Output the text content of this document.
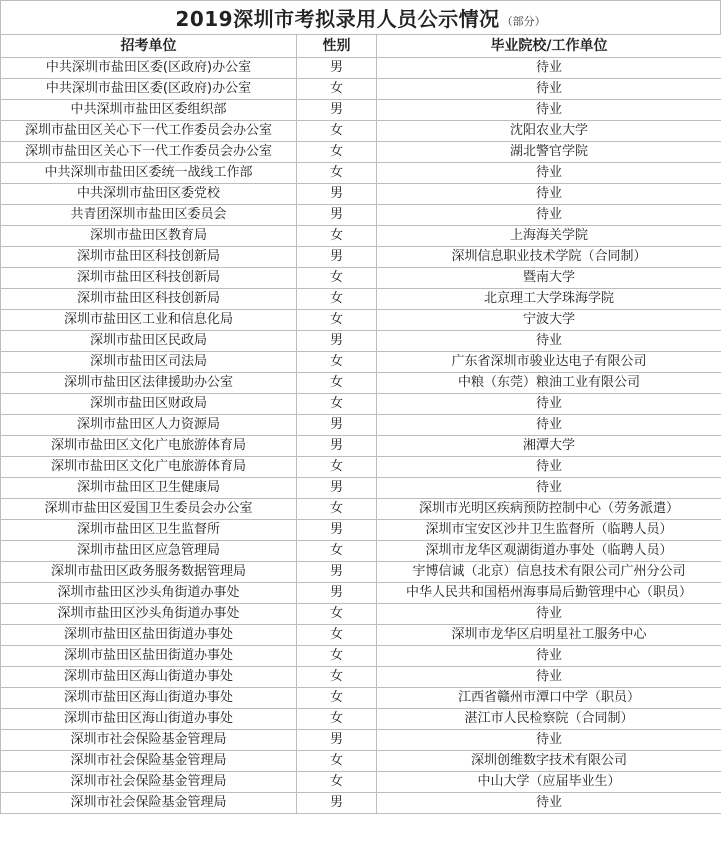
2019深圳市考拟录用人员公示情况 （部分）
招考单位	性别	毕业院校/工作单位
中共深圳市盐田区委(区政府)办公室	男	待业
中共深圳市盐田区委(区政府)办公室	女	待业
中共深圳市盐田区委组织部	男	待业
深圳市盐田区关心下一代工作委员会办公室	女	沈阳农业大学
深圳市盐田区关心下一代工作委员会办公室	女	湖北警官学院
中共深圳市盐田区委统一战线工作部	女	待业
中共深圳市盐田区委党校	男	待业
共青团深圳市盐田区委员会	男	待业
深圳市盐田区教育局	女	上海海关学院
深圳市盐田区科技创新局	男	深圳信息职业技术学院（合同制）
深圳市盐田区科技创新局	女	暨南大学
深圳市盐田区科技创新局	女	北京理工大学珠海学院
深圳市盐田区工业和信息化局	女	宁波大学
深圳市盐田区民政局	男	待业
深圳市盐田区司法局	女	广东省深圳市骏业达电子有限公司
深圳市盐田区法律援助办公室	女	中粮（东莞）粮油工业有限公司
深圳市盐田区财政局	女	待业
深圳市盐田区人力资源局	男	待业
深圳市盐田区文化广电旅游体育局	男	湘潭大学
深圳市盐田区文化广电旅游体育局	女	待业
深圳市盐田区卫生健康局	男	待业
深圳市盐田区爱国卫生委员会办公室	女	深圳市光明区疾病预防控制中心（劳务派遣）
深圳市盐田区卫生监督所	男	深圳市宝安区沙井卫生监督所（临聘人员）
深圳市盐田区应急管理局	女	深圳市龙华区观湖街道办事处（临聘人员）
深圳市盐田区政务服务数据管理局	男	宇博信诚（北京）信息技术有限公司广州分公司
深圳市盐田区沙头角街道办事处	男	中华人民共和国梧州海事局后勤管理中心（职员）
深圳市盐田区沙头角街道办事处	女	待业
深圳市盐田区盐田街道办事处	女	深圳市龙华区启明星社工服务中心
深圳市盐田区盐田街道办事处	女	待业
深圳市盐田区海山街道办事处	女	待业
深圳市盐田区海山街道办事处	女	江西省赣州市潭口中学（职员）
深圳市盐田区海山街道办事处	女	湛江市人民检察院（合同制）
深圳市社会保险基金管理局	男	待业
深圳市社会保险基金管理局	女	深圳创维数字技术有限公司
深圳市社会保险基金管理局	女	中山大学（应届毕业生）
深圳市社会保险基金管理局	男	待业
